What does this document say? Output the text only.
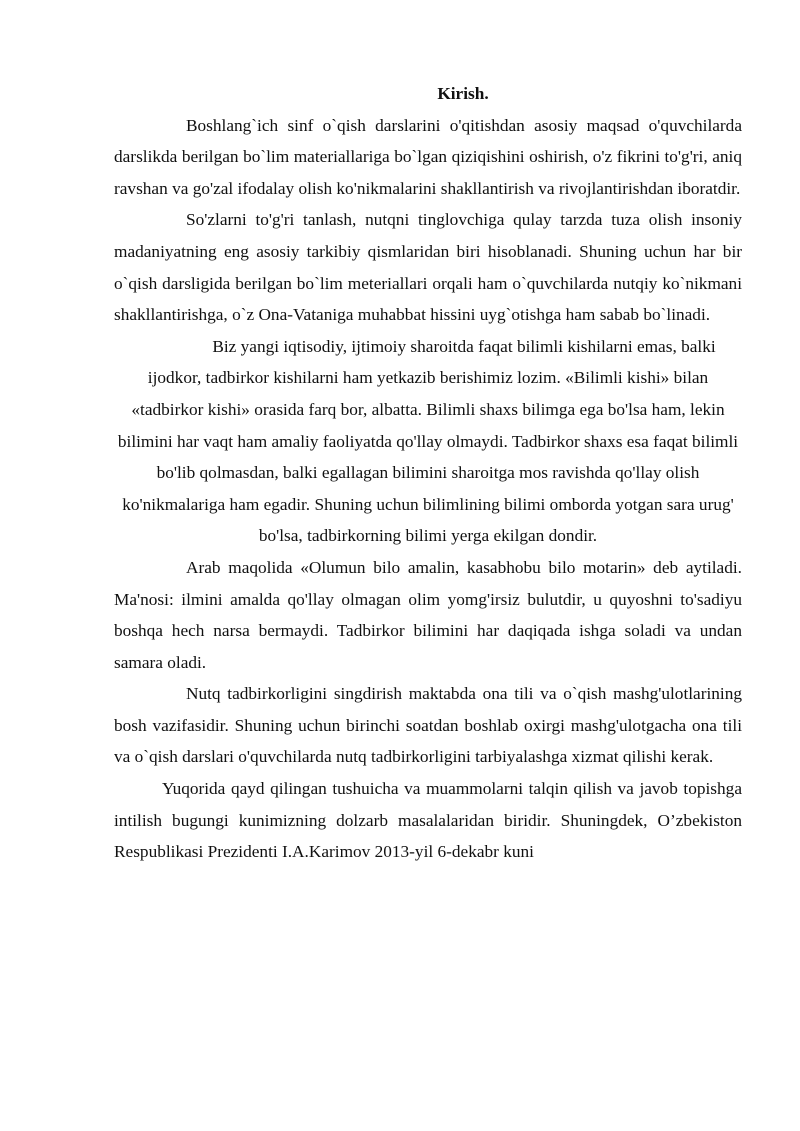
Kirish.

Boshlang`ich sinf o`qish darslarini o'qitishdan asosiy maqsad o'quvchilarda darslikda berilgan bo`lim materiallariga bo`lgan qiziqishini oshirish, o'z fikrini to'g'ri, aniq ravshan va go'zal ifodalay olish ko'nikmalarini shakllantirish va rivojlantirishdan iboratdir.

So'zlarni to'g'ri tanlash, nutqni tinglovchiga qulay tarzda tuza olish insoniy madaniyatning eng asosiy tarkibiy qismlaridan biri hisoblanadi. Shuning uchun har bir o`qish darsligida berilgan bo`lim meteriallari orqali ham o`quvchilarda nutqiy ko`nikmani shakllantirishga, o`z Ona-Vataniga muhabbat hissini uyg`otishga ham sabab bo`linadi.

Biz yangi iqtisodiy, ijtimoiy sharoitda faqat bilimli kishilarni emas, balki ijodkor, tadbirkor kishilarni ham yetkazib berishimiz lozim. «Bilimli kishi» bilan «tadbirkor kishi» orasida farq bor, albatta. Bilimli shaxs bilimga ega bo'lsa ham, lekin bilimini har vaqt ham amaliy faoliyatda qo'llay olmaydi. Tadbirkor shaxs esa faqat bilimli bo'lib qolmasdan, balki egallagan bilimini sharoitga mos ravishda qo'llay olish ko'nikmalariga ham egadir. Shuning uchun bilimlining bilimi omborda yotgan sara urug' bo'lsa, tadbirkorning bilimi yerga ekilgan dondir.

Arab maqolida «Olumun bilo amalin, kasabhobu bilo motarin» deb aytiladi. Ma'nosi: ilmini amalda qo'llay olmagan olim yomg'irsiz bulutdir, u quyoshni to'sadiyu boshqa hech narsa bermaydi. Tadbirkor bilimini har daqiqada ishga soladi va undan samara oladi.

Nutq tadbirkorligini singdirish maktabda ona tili va o`qish mashg'ulotlarining bosh vazifasidir. Shuning uchun birinchi soatdan boshlab oxirgi mashg'ulotgacha ona tili va o`qish darslari o'quvchilarda nutq tadbirkorligini tarbiyalashga xizmat qilishi kerak.

Yuqorida qayd qilingan tushuicha va muammolarni talqin qilish va javob topishga intilish bugungi kunimizning dolzarb masalalaridan biridir. Shuningdek, O’zbekiston Respublikasi Prezidenti I.A.Karimov 2013-yil 6-dekabr kuni
